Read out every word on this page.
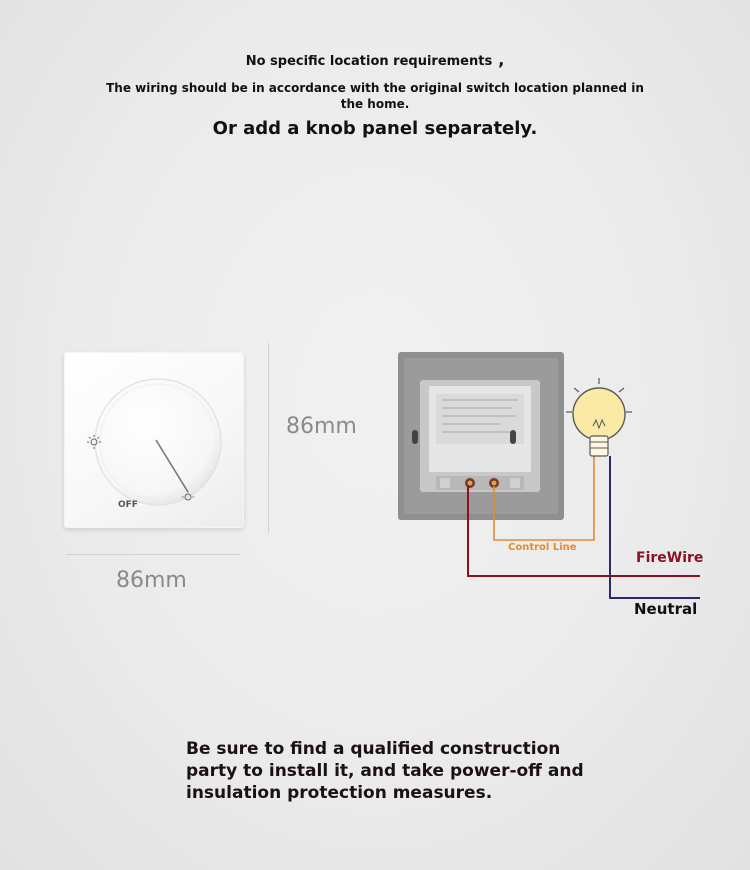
No specific location requirements ,
The wiring should be in accordance with the original switch location planned in the home.
Or add a knob panel separately.
OFF
86mm
86mm
Control Line
FireWire
Neutral
Be sure to find a qualified construction party to install it, and take power-off and insulation protection measures.
